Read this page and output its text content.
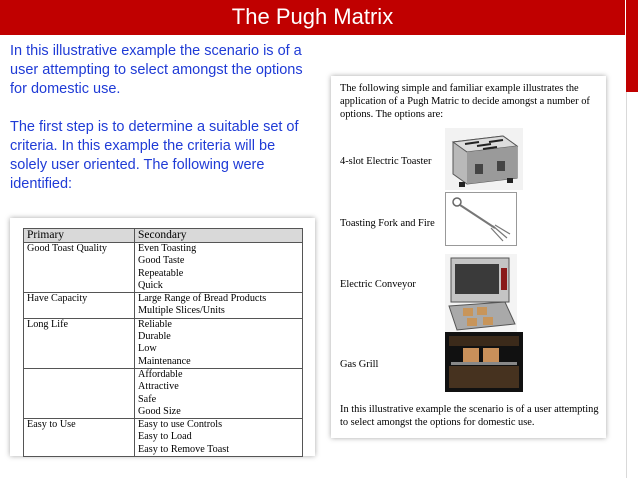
The Pugh Matrix

In this illustrative example the scenario is of a user attempting to select amongst the options for domestic use.

The first step is to determine a suitable set of criteria. In this example the criteria will be solely user oriented. The following were identified:

Primary	Secondary
Good Toast Quality	Even Toasting
Good Taste
Repeatable
Quick

Have Capacity	Large Range of Bread Products
Multiple Slices/Units

Long Life	Reliable
Durable
Low
Maintenance

	Affordable
Attractive
Safe
Good Size

Easy to Use	Easy to use Controls
Easy to Load
Easy to Remove Toast
The following simple and familiar example illustrates the application of a Pugh Matric to decide amongst a number of options. The options are:
4-slot Electric Toaster
Toasting Fork and Fire
Electric Conveyor
Gas Grill
In this illustrative example the scenario is of a user attempting to select amongst the options for domestic use.
